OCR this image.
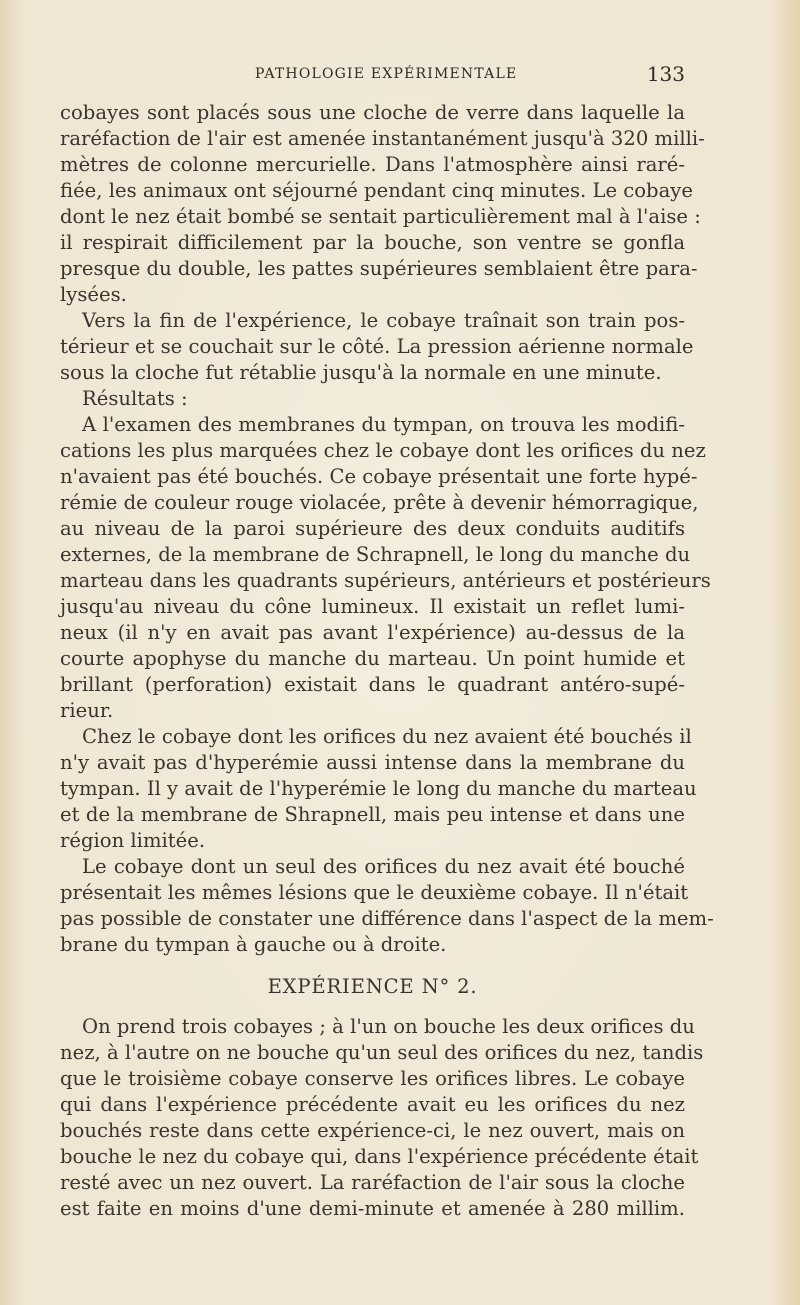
PATHOLOGIE EXPÉRIMENTALE	133
cobayes sont placés sous une cloche de verre dans laquelle la
raréfaction de l'air est amenée instantanément jusqu'à 320 milli-
mètres de colonne mercurielle. Dans l'atmosphère ainsi raré-
fiée, les animaux ont séjourné pendant cinq minutes. Le cobaye
dont le nez était bombé se sentait particulièrement mal à l'aise :
il respirait difficilement par la bouche, son ventre se gonfla
presque du double, les pattes supérieures semblaient être para-
lysées.
Vers la fin de l'expérience, le cobaye traînait son train pos-
térieur et se couchait sur le côté. La pression aérienne normale
sous la cloche fut rétablie jusqu'à la normale en une minute.
Résultats :
A l'examen des membranes du tympan, on trouva les modifi-
cations les plus marquées chez le cobaye dont les orifices du nez
n'avaient pas été bouchés. Ce cobaye présentait une forte hypé-
rémie de couleur rouge violacée, prête à devenir hémorragique,
au niveau de la paroi supérieure des deux conduits auditifs
externes, de la membrane de Schrapnell, le long du manche du
marteau dans les quadrants supérieurs, antérieurs et postérieurs
jusqu'au niveau du cône lumineux. Il existait un reflet lumi-
neux (il n'y en avait pas avant l'expérience) au-dessus de la
courte apophyse du manche du marteau. Un point humide et
brillant (perforation) existait dans le quadrant antéro-supé-
rieur.
Chez le cobaye dont les orifices du nez avaient été bouchés il
n'y avait pas d'hyperémie aussi intense dans la membrane du
tympan. Il y avait de l'hyperémie le long du manche du marteau
et de la membrane de Shrapnell, mais peu intense et dans une
région limitée.
Le cobaye dont un seul des orifices du nez avait été bouché
présentait les mêmes lésions que le deuxième cobaye. Il n'était
pas possible de constater une différence dans l'aspect de la mem-
brane du tympan à gauche ou à droite.
EXPÉRIENCE N° 2.
On prend trois cobayes ; à l'un on bouche les deux orifices du
nez, à l'autre on ne bouche qu'un seul des orifices du nez, tandis
que le troisième cobaye conserve les orifices libres. Le cobaye
qui dans l'expérience précédente avait eu les orifices du nez
bouchés reste dans cette expérience-ci, le nez ouvert, mais on
bouche le nez du cobaye qui, dans l'expérience précédente était
resté avec un nez ouvert. La raréfaction de l'air sous la cloche
est faite en moins d'une demi-minute et amenée à 280 millim.
